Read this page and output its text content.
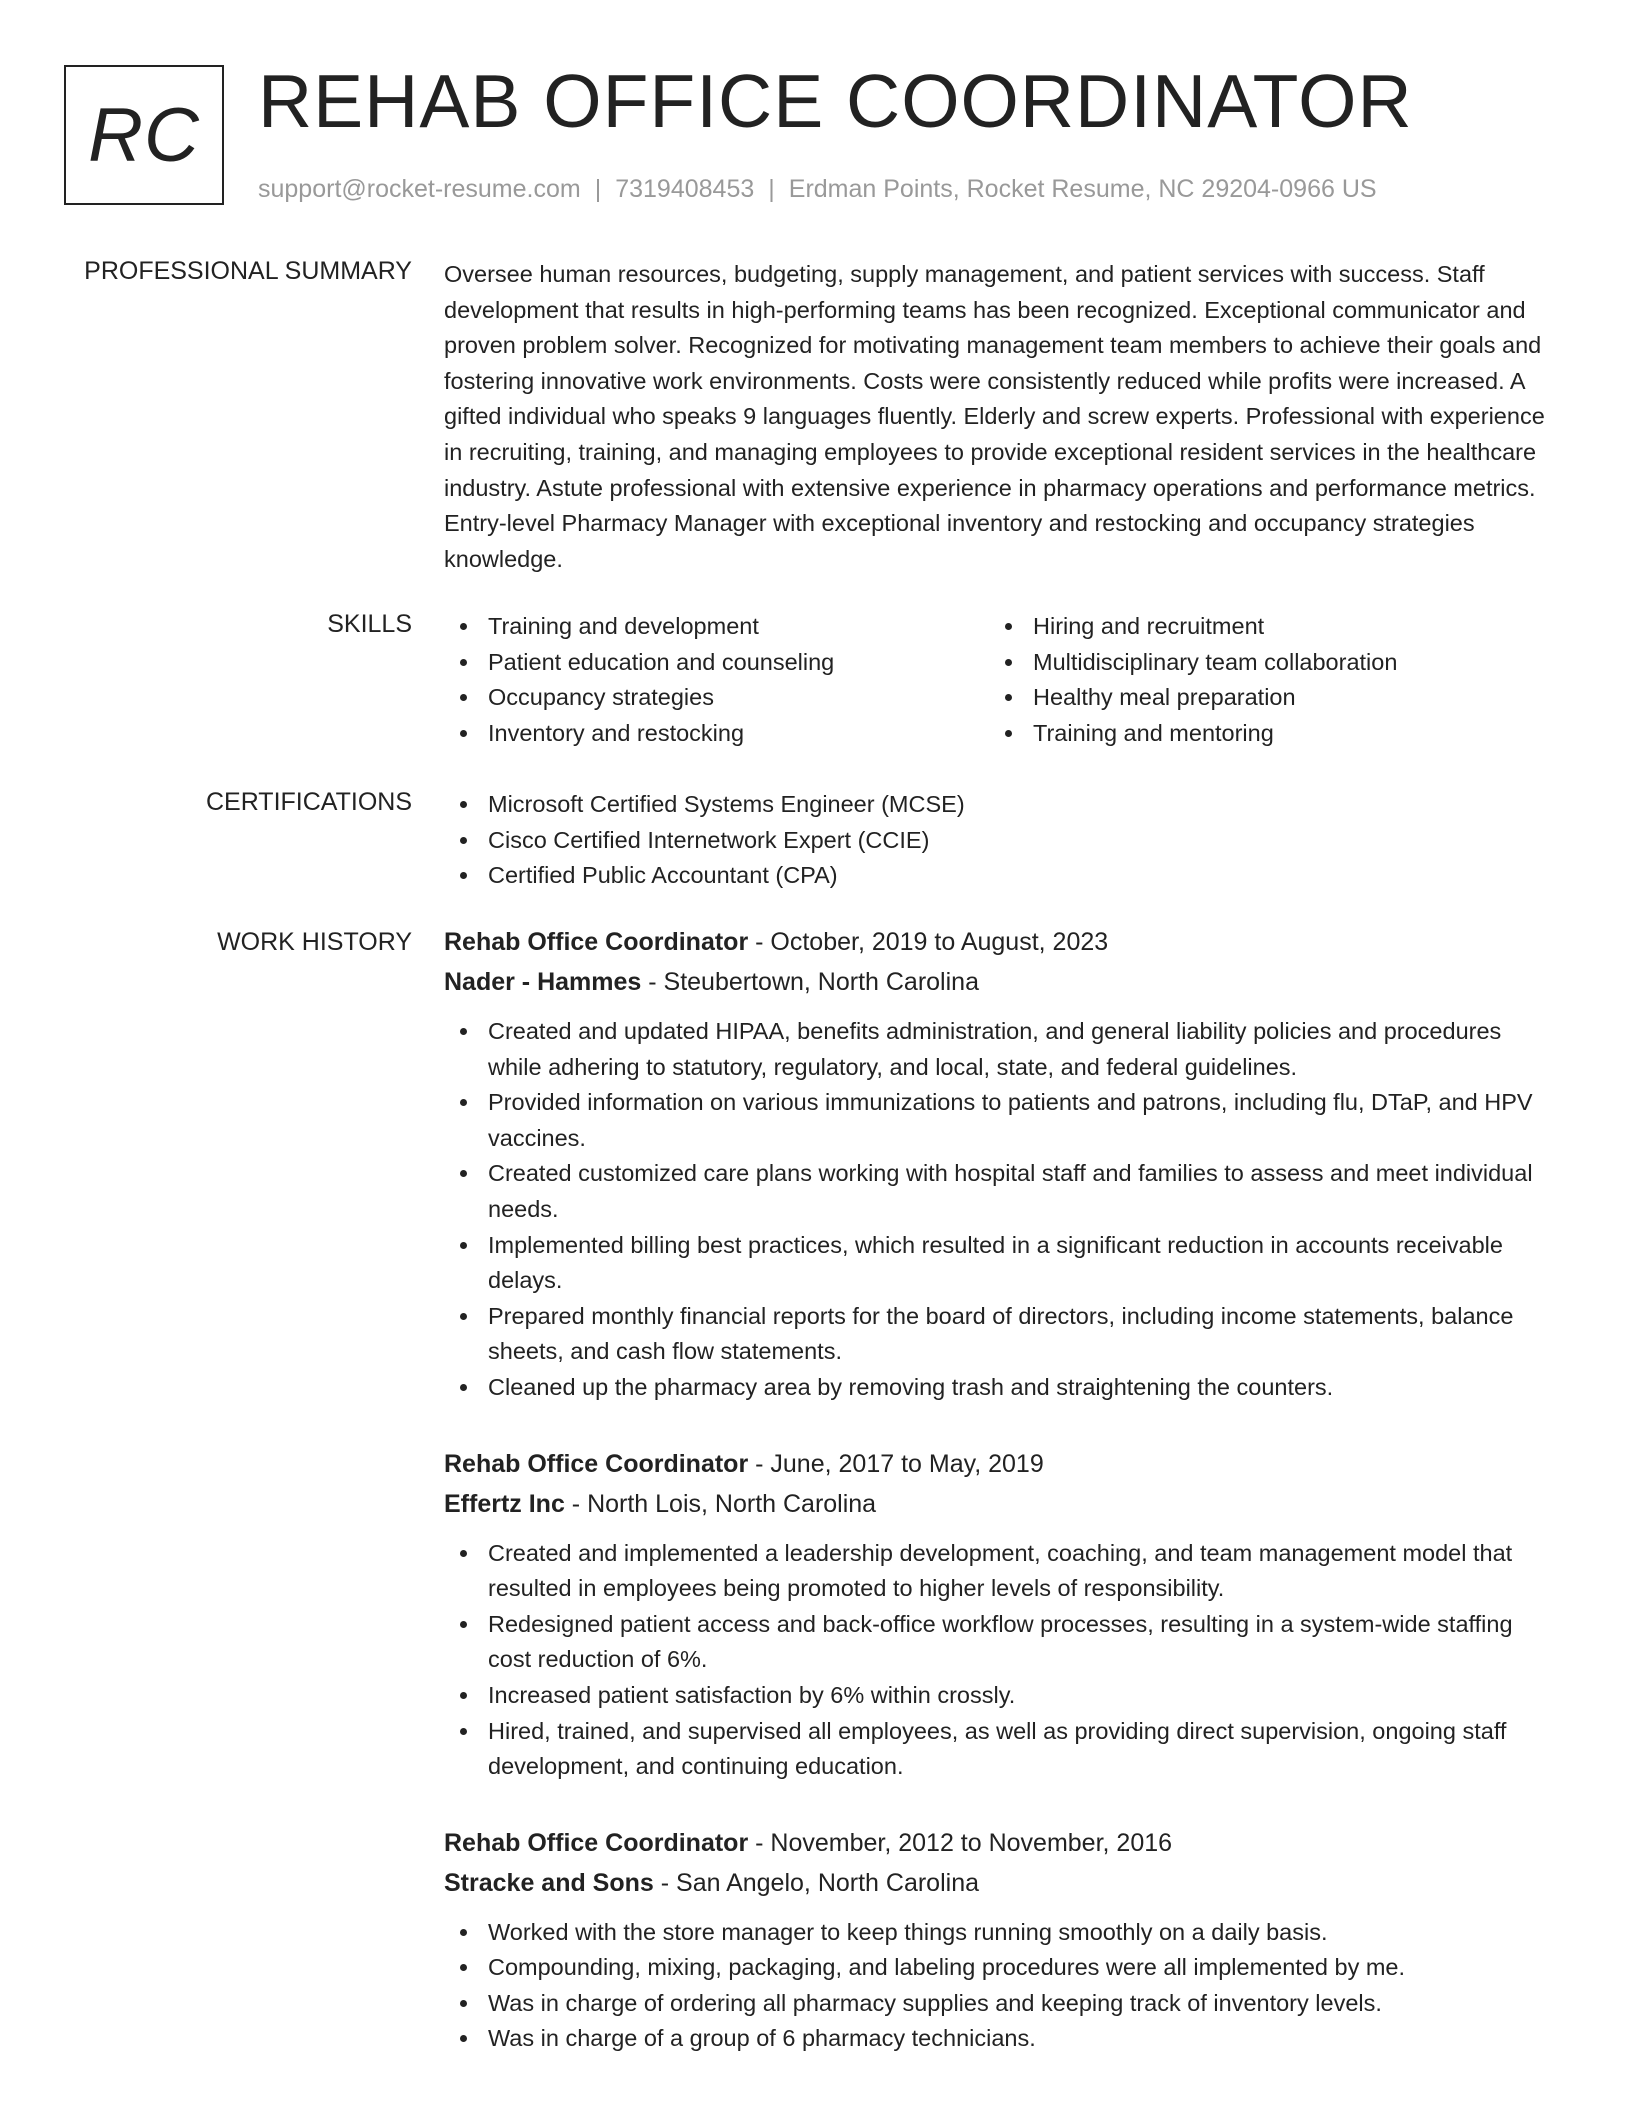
RC REHAB OFFICE COORDINATOR
support@rocket-resume.com | 7319408453 | Erdman Points, Rocket Resume, NC 29204-0966 US
PROFESSIONAL SUMMARY Oversee human resources, budgeting, supply management, and patient services with success. Staff development that results in high-performing teams has been recognized. Exceptional communicator and proven problem solver. Recognized for motivating management team members to achieve their goals and fostering innovative work environments. Costs were consistently reduced while profits were increased. A gifted individual who speaks 9 languages fluently. Elderly and screw experts. Professional with experience in recruiting, training, and managing employees to provide exceptional resident services in the healthcare industry. Astute professional with extensive experience in pharmacy operations and performance metrics. Entry-level Pharmacy Manager with exceptional inventory and restocking and occupancy strategies knowledge.
SKILLS	Training and development
Patient education and counseling
Occupancy strategies
Inventory and restocking
Hiring and recruitment
Multidisciplinary team collaboration
Healthy meal preparation
Training and mentoring
CERTIFICATIONS	Microsoft Certified Systems Engineer (MCSE)
Cisco Certified Internetwork Expert (CCIE)
Certified Public Accountant (CPA)
WORK HISTORY Rehab Office Coordinator - October, 2019 to August, 2023
Nader - Hammes - Steubertown, North Carolina
Created and updated HIPAA, benefits administration, and general liability policies and procedures while adhering to statutory, regulatory, and local, state, and federal guidelines.
Provided information on various immunizations to patients and patrons, including flu, DTaP, and HPV vaccines.
Created customized care plans working with hospital staff and families to assess and meet individual needs.
Implemented billing best practices, which resulted in a significant reduction in accounts receivable delays.
Prepared monthly financial reports for the board of directors, including income statements, balance sheets, and cash flow statements.
Cleaned up the pharmacy area by removing trash and straightening the counters.
Rehab Office Coordinator - June, 2017 to May, 2019
Effertz Inc - North Lois, North Carolina
Created and implemented a leadership development, coaching, and team management model that resulted in employees being promoted to higher levels of responsibility.
Redesigned patient access and back-office workflow processes, resulting in a system-wide staffing cost reduction of 6%.
Increased patient satisfaction by 6% within crossly.
Hired, trained, and supervised all employees, as well as providing direct supervision, ongoing staff development, and continuing education.
Rehab Office Coordinator - November, 2012 to November, 2016
Stracke and Sons - San Angelo, North Carolina
Worked with the store manager to keep things running smoothly on a daily basis.
Compounding, mixing, packaging, and labeling procedures were all implemented by me.
Was in charge of ordering all pharmacy supplies and keeping track of inventory levels.
Was in charge of a group of 6 pharmacy technicians.
